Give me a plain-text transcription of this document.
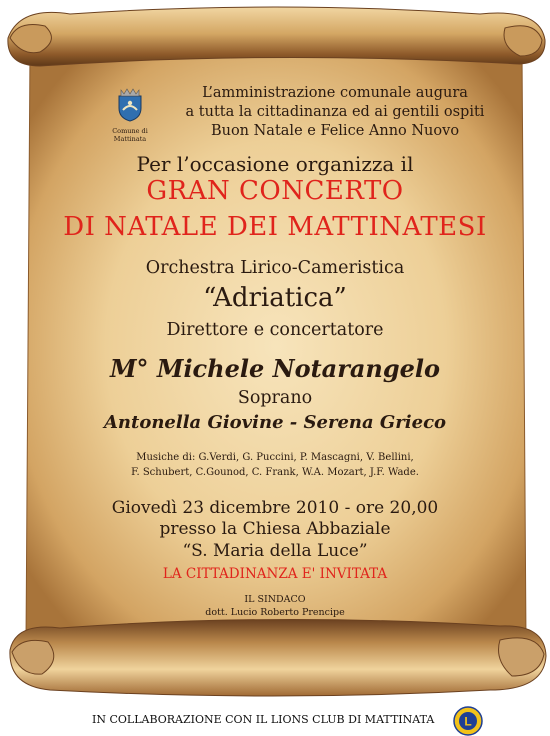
Comune di Mattinata
L’amministrazione comunale augura
a tutta la cittadinanza ed ai gentili ospiti
Buon Natale e Felice Anno Nuovo
Per l’occasione organizza il
GRAN CONCERTO
DI NATALE DEI MATTINATESI
Orchestra Lirico-Cameristica
“Adriatica”
Direttore e concertatore
M° Michele Notarangelo
Soprano
Antonella Giovine - Serena Grieco
Musiche di: G.Verdi, G. Puccini, P. Mascagni, V. Bellini,
F. Schubert, C.Gounod, C. Frank, W.A. Mozart, J.F. Wade.
Giovedì 23 dicembre 2010 - ore 20,00
presso la Chiesa Abbaziale
“S. Maria della Luce”
LA CITTADINANZA E' INVITATA
IL SINDACO
dott. Lucio Roberto Prencipe
IN COLLABORAZIONE CON IL LIONS CLUB DI MATTINATA	L
